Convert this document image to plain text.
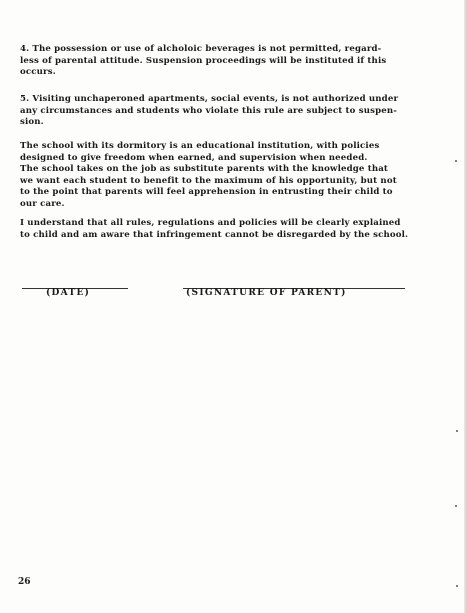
4. The possession or use of alcholoic beverages is not permitted, regard-
less of parental attitude. Suspension proceedings will be instituted if this
occurs.
5. Visiting unchaperoned apartments, social events, is not authorized under
any circumstances and students who violate this rule are subject to suspen-
sion.
The school with its dormitory is an educational institution, with policies
designed to give freedom when earned, and supervision when needed.
The school takes on the job as substitute parents with the knowledge that
we want each student to benefit to the maximum of his opportunity, but not
to the point that parents will feel apprehension in entrusting their child to
our care.
I understand that all rules, regulations and policies will be clearly explained
to child and am aware that infringement cannot be disregarded by the school.
(DATE)	(SIGNATURE OF PARENT)
26
